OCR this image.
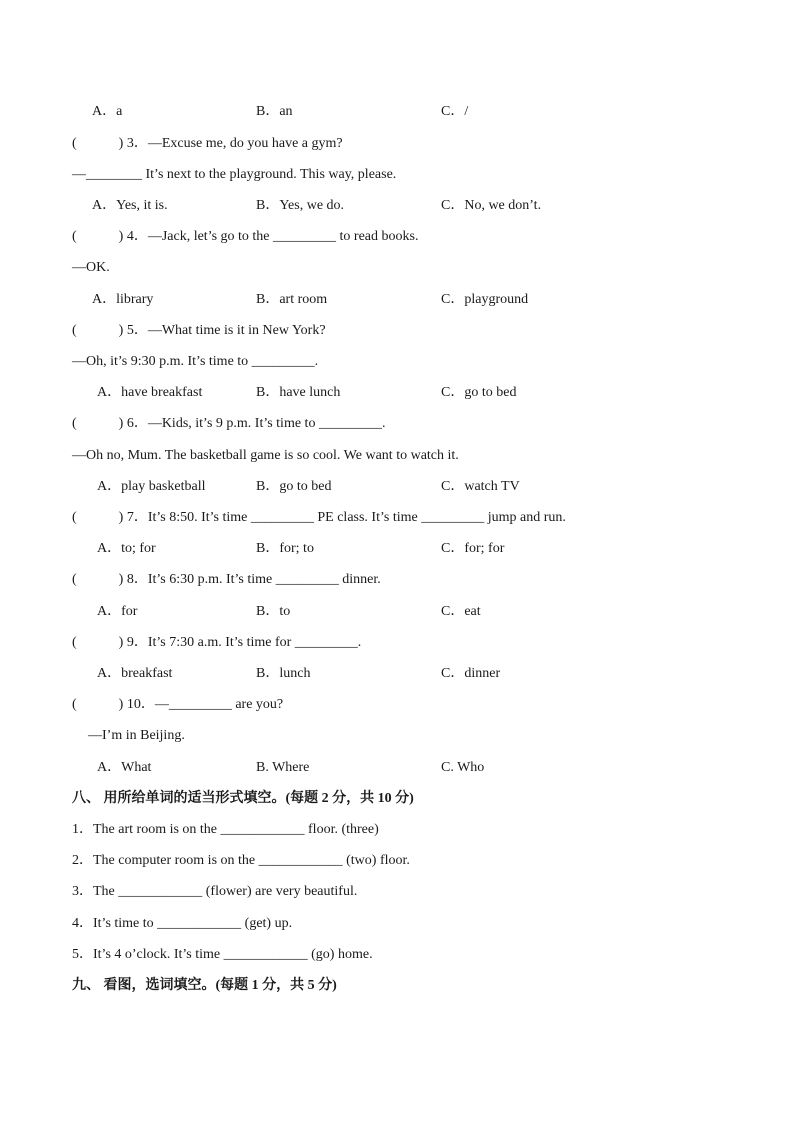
A．a	B．an	C．/
(　　　) 3．—Excuse me, do you have a gym?
—________ It’s next to the playground. This way, please.
A．Yes, it is.	B．Yes, we do.	C．No, we don’t.
(　　　) 4．—Jack, let’s go to the _________ to read books.
—OK.
A．library	B．art room	C．playground
(　　　) 5．—What time is it in New York?
—Oh, it’s 9:30 p.m. It’s time to _________.
A．have breakfast	B．have lunch	C．go to bed
(　　　) 6．—Kids, it’s 9 p.m. It’s time to _________.
—Oh no, Mum. The basketball game is so cool. We want to watch it.
A．play basketball	B．go to bed	C．watch TV
(　　　) 7．It’s 8:50. It’s time _________ PE class. It’s time _________ jump and run.
A．to; for	B．for; to	C．for; for
(　　　) 8．It’s 6:30 p.m. It’s time _________ dinner.
A．for	B．to	C．eat
(　　　) 9．It’s 7:30 a.m. It’s time for _________.
A．breakfast	B．lunch	C．dinner
(　　　) 10．—_________ are you?
—I’m in Beijing.
A．What	B. Where	C. Who
八、 用所给单词的适当形式填空。(每题 2 分，共 10 分)
1．The art room is on the ____________ floor. (three)
2．The computer room is on the ____________ (two) floor.
3．The ____________ (flower) are very beautiful.
4．It’s time to ____________ (get) up.
5．It’s 4 o’clock. It’s time ____________ (go) home.
九、 看图，选词填空。(每题 1 分，共 5 分)
